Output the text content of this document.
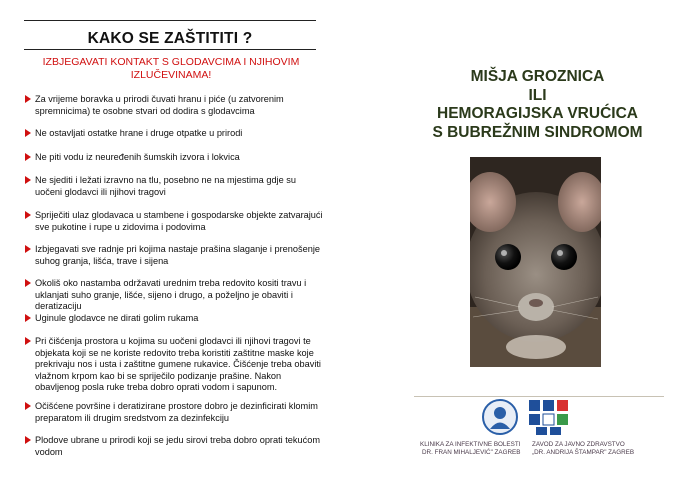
KAKO SE ZAŠTITITI ?
IZBJEGAVATI KONTAKT S GLODAVCIMA I NJIHOVIM IZLUČEVINAMA!
Za vrijeme boravka u prirodi čuvati hranu i piće (u zatvorenim spremnicima) te osobne stvari od dodira s glodavcima
Ne ostavljati ostatke hrane i druge otpatke u prirodi
Ne piti vodu iz neuređenih šumskih izvora i lokvica
Ne sjediti i ležati izravno na tlu, posebno ne na mjestima gdje su uočeni glodavci ili njihovi tragovi
Spriječiti ulaz glodavaca u stambene i gospodarske objekte zatvarajući sve pukotine i rupe u zidovima i podovima
Izbjegavati sve radnje pri kojima nastaje prašina slaganje i prenošenje suhog granja, lišća, trave i sijena
Okoliš oko nastamba održavati urednim treba redovito kositi travu i uklanjati suho granje, lišće, sijeno i drugo, a poželjno je obaviti i deratizaciju
Uginule glodavce ne dirati golim rukama
Pri čišćenja prostora u kojima su uočeni glodavci ili njihovi tragovi te objekata koji se ne koriste redovito treba koristiti zaštitne maske koje prekrivaju nos i usta i zaštitne gumene rukavice. Čišćenje treba obaviti vlažnom krpom kao bi se spriječilo podizanje prašine. Nakon obavljenog posla ruke treba dobro oprati vodom i sapunom.
Očišćene površine i deratizirane prostore dobro je dezinficirati klomim preparatom ili drugim sredstvom za dezinfekciju
Plodove ubrane u prirodi koji se jedu sirovi treba dobro oprati tekućom vodom
MIŠJA GROZNICA
ILI
HEMORAGIJSKA VRUĆICA
S BUBREŽNIM SINDROMOM
KLINIKA ZA INFEKTIVNE BOLESTI
DR. FRAN MIHALJEVIĆ" ZAGREB
ZAVOD ZA JAVNO ZDRAVSTVO
„DR. ANDRIJA ŠTAMPAR" ZAGREB
